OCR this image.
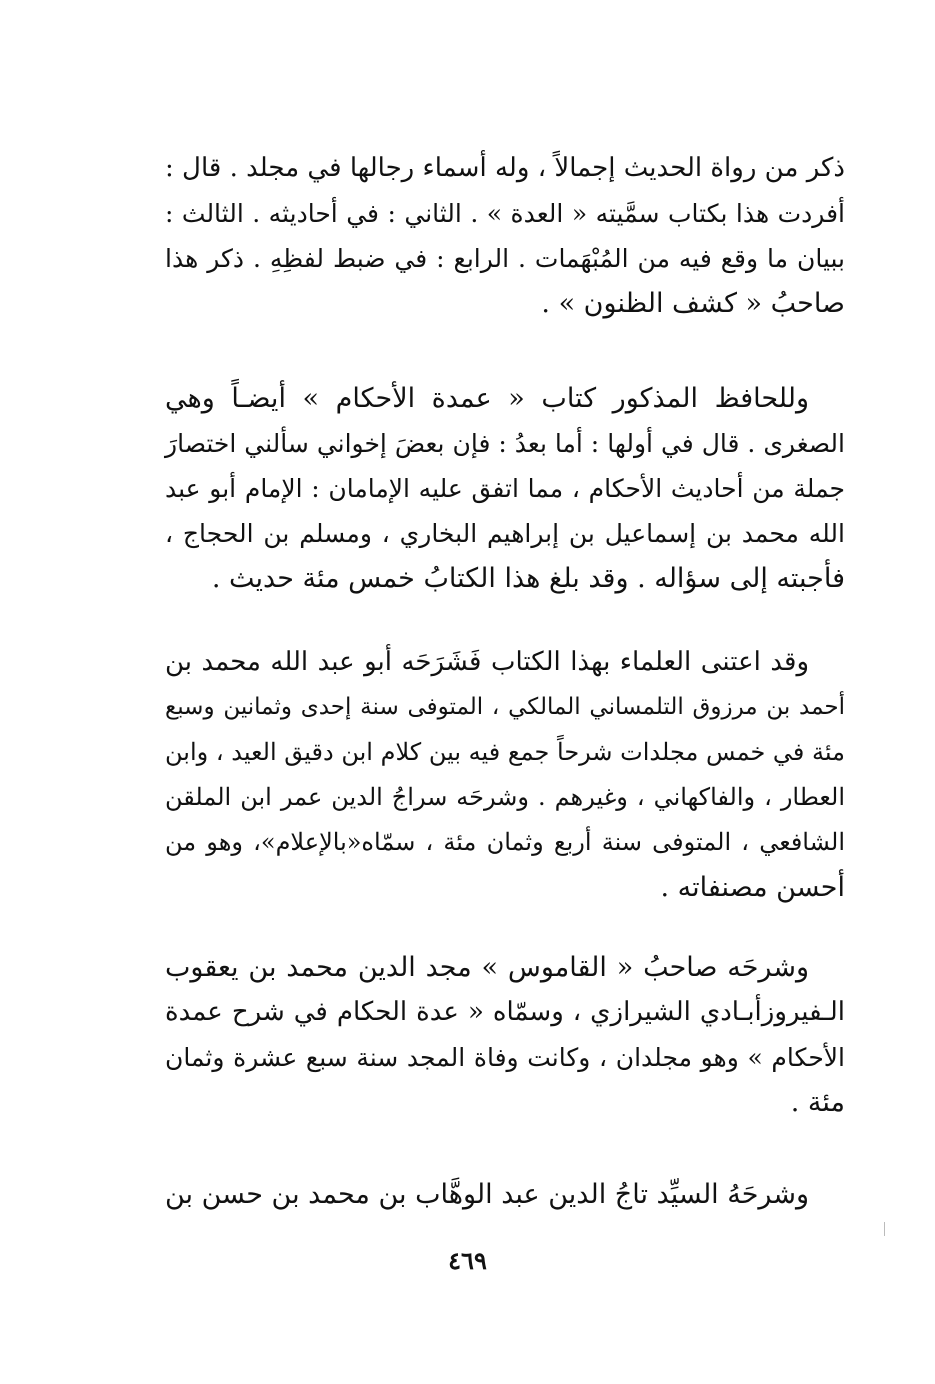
ذكر من رواة الحديث إجمالاً ، وله أسماء رجالها في مجلد . قال :
أفردت هذا بكتاب سمَّيته « العدة » . الثاني : في أحاديثه . الثالث :
ببيان ما وقع فيه من المُبْهَمات . الرابع : في ضبط لفظِهِ . ذكر هذا
صاحبُ « كشف الظنون » .
وللحافظ المذكور كتاب « عمدة الأحكام » أيضـاً وهي
الصغرى . قال في أولها : أما بعدُ : فإن بعضَ إخواني سألني اختصارَ
جملة من أحاديث الأحكام ، مما اتفق عليه الإمامان : الإمام أبو عبد
الله محمد بن إسماعيل بن إبراهيم البخاري ، ومسلم بن الحجاج ،
فأجبته إلى سؤاله . وقد بلغ هذا الكتابُ خمس مئة حديث .
وقد اعتنى العلماء بهذا الكتاب فَشَرَحَه أبو عبد الله محمد بن
أحمد بن مرزوق التلمساني المالكي ، المتوفى سنة إحدى وثمانين وسبع
مئة في خمس مجلدات شرحاً جمع فيه بين كلام ابن دقيق العيد ، وابن
العطار ، والفاكهاني ، وغيرهم . وشرحَه سراجُ الدين عمر ابن الملقن
الشافعي ، المتوفى سنة أربع وثمان مئة ، سمّاه«بالإعلام»، وهو من
أحسن مصنفاته .
وشرحَه صاحبُ « القاموس » مجد الدين محمد بن يعقوب
الـفيروزأبـادي الشيرازي ، وسمّاه « عدة الحكام في شرح عمدة
الأحكام » وهو مجلدان ، وكانت وفاة المجد سنة سبع عشرة وثمان
مئة .
وشرحَهُ السيِّد تاجُ الدين عبد الوهَّاب بن محمد بن حسن بن
٤٦٩
